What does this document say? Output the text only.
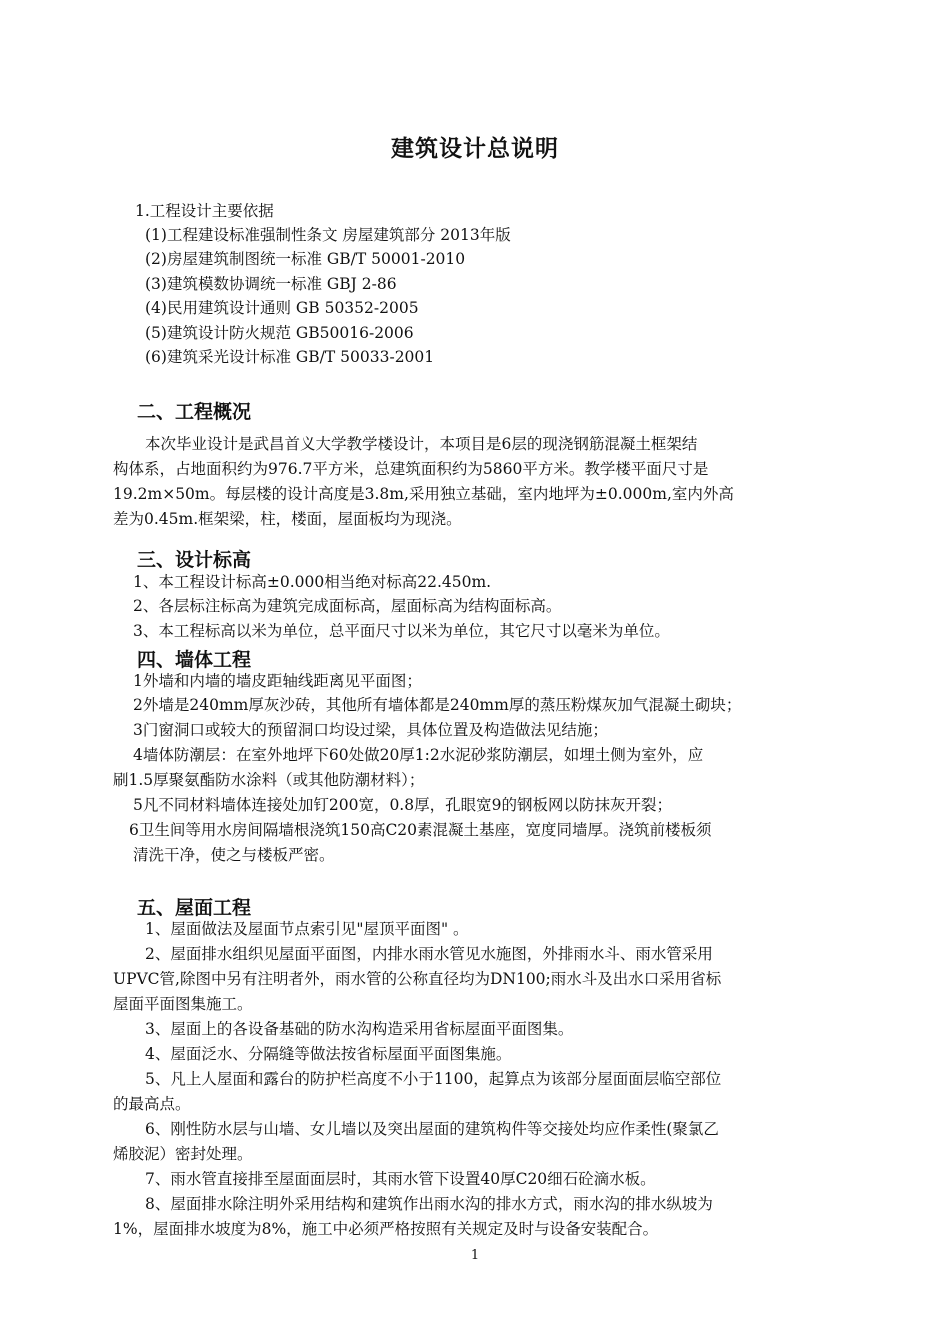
建筑设计总说明
1.工程设计主要依据
(1)工程建设标准强制性条文 房屋建筑部分 2013年版
(2)房屋建筑制图统一标准 GB/T 50001-2010
(3)建筑模数协调统一标准 GBJ 2-86
(4)民用建筑设计通则 GB 50352-2005
(5)建筑设计防火规范 GB50016-2006
(6)建筑采光设计标准 GB/T 50033-2001
二、工程概况
本次毕业设计是武昌首义大学教学楼设计，本项目是6层的现浇钢筋混凝土框架结
构体系，占地面积约为976.7平方米，总建筑面积约为5860平方米。教学楼平面尺寸是
19.2m×50m。每层楼的设计高度是3.8m,采用独立基础，室内地坪为±0.000m,室内外高
差为0.45m.框架梁，柱，楼面，屋面板均为现浇。
三、设计标高
1、本工程设计标高±0.000相当绝对标高22.450m.
2、各层标注标高为建筑完成面标高，屋面标高为结构面标高。
3、本工程标高以米为单位，总平面尺寸以米为单位，其它尺寸以毫米为单位。
四、墙体工程
1外墙和内墙的墙皮距轴线距离见平面图；
2外墙是240mm厚灰沙砖，其他所有墙体都是240mm厚的蒸压粉煤灰加气混凝土砌块；
3门窗洞口或较大的预留洞口均设过梁，具体位置及构造做法见结施；
4墙体防潮层：在室外地坪下60处做20厚1:2水泥砂浆防潮层，如埋土侧为室外，应
刷1.5厚聚氨酯防水涂料（或其他防潮材料）；
5凡不同材料墙体连接处加钉200宽，0.8厚，孔眼宽9的钢板网以防抹灰开裂；
6卫生间等用水房间隔墙根浇筑150高C20素混凝土基座，宽度同墙厚。浇筑前楼板须
清洗干净，使之与楼板严密。
五、屋面工程
1、屋面做法及屋面节点索引见"屋顶平面图" 。
2、屋面排水组织见屋面平面图，内排水雨水管见水施图，外排雨水斗、雨水管采用
UPVC管,除图中另有注明者外，雨水管的公称直径均为DN100;雨水斗及出水口采用省标
屋面平面图集施工。
3、屋面上的各设备基础的防水沟构造采用省标屋面平面图集。
4、屋面泛水、分隔缝等做法按省标屋面平面图集施。
5、凡上人屋面和露台的防护栏高度不小于1100，起算点为该部分屋面面层临空部位
的最高点。
6、刚性防水层与山墙、女儿墙以及突出屋面的建筑构件等交接处均应作柔性(聚氯乙
烯胶泥）密封处理。
7、雨水管直接排至屋面面层时，其雨水管下设置40厚C20细石砼滴水板。
8、屋面排水除注明外采用结构和建筑作出雨水沟的排水方式，雨水沟的排水纵坡为
1%，屋面排水坡度为8%，施工中必须严格按照有关规定及时与设备安装配合。
1
